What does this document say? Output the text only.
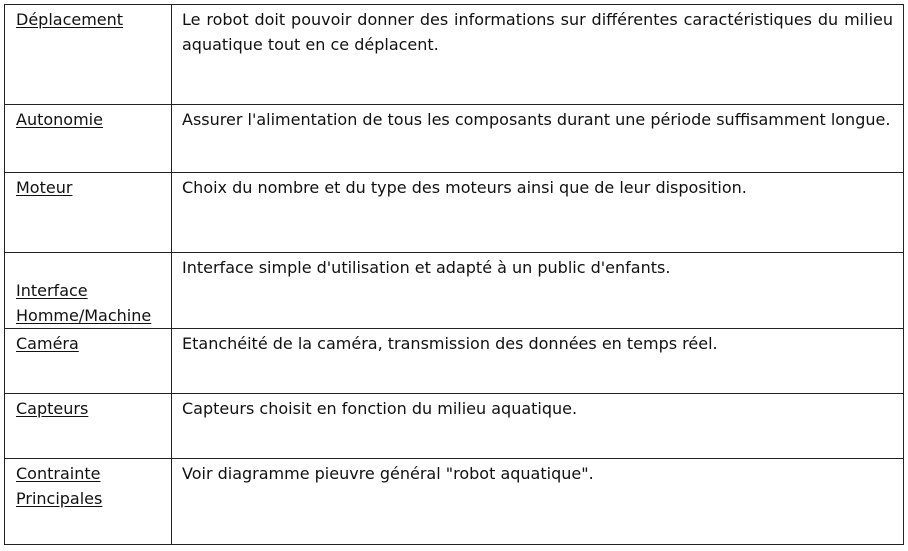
Déplacement	Le robot doit pouvoir donner des informations sur différentes caractéristiques du milieu aquatique tout en ce déplacent.
Autonomie	Assurer l'alimentation de tous les composants durant une période suffisamment longue.
Moteur	Choix du nombre et du type des moteurs ainsi que de leur disposition.
Interface Homme/Machine	Interface simple d'utilisation et adapté à un public d'enfants.
Caméra	Etanchéité de la caméra, transmission des données en temps réel.
Capteurs	Capteurs choisit en fonction du milieu aquatique.
Contrainte Principales	Voir diagramme pieuvre général "robot aquatique".
